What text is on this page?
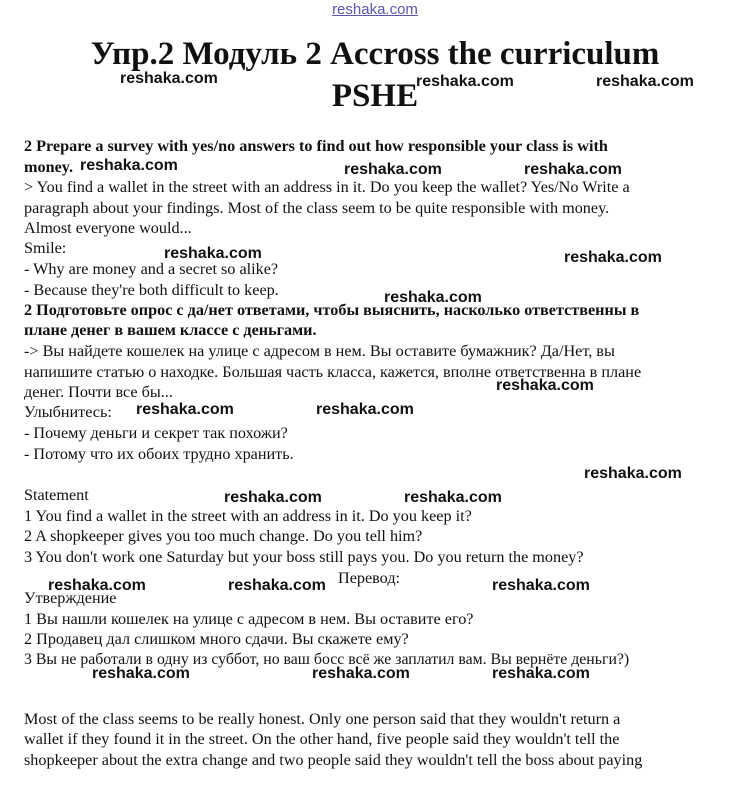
reshaka.com
Упр.2 Модуль 2 Accross the curriculum
PSHE
2 Prepare a survey with yes/no answers to find out how responsible your class is with
money.
> You find a wallet in the street with an address in it. Do you keep the wallet? Yes/No Write a
paragraph about your findings. Most of the class seem to be quite responsible with money.
Almost everyone would...
Smile:
- Why are money and a secret so alike?
- Because they're both difficult to keep.
2 Подготовьте опрос с да/нет ответами, чтобы выяснить, насколько ответственны в
плане денег в вашем классе с деньгами.
-> Вы найдете кошелек на улице с адресом в нем. Вы оставите бумажник? Да/Нет, вы
напишите статью о находке. Большая часть класса, кажется, вполне ответственна в плане
денег. Почти все бы...
Улыбнитесь:
- Почему деньги и секрет так похожи?
- Потому что их обоих трудно хранить.
Statement
1 You find a wallet in the street with an address in it. Do you keep it?
2 A shopkeeper gives you too much change. Do you tell him?
3 You don't work one Saturday but your boss still pays you. Do you return the money?
Перевод:
Утверждение
1 Вы нашли кошелек на улице с адресом в нем. Вы оставите его?
2 Продавец дал слишком много сдачи. Вы скажете ему?
3 Вы не работали в одну из суббот, но ваш босс всё же заплатил вам. Вы вернёте деньги?)
Most of the class seems to be really honest. Only one person said that they wouldn't return a
wallet if they found it in the street. On the other hand, five people said they wouldn't tell the
shopkeeper about the extra change and two people said they wouldn't tell the boss about paying
reshaka.com	reshaka.com	reshaka.com
reshaka.com	reshaka.com	reshaka.com
reshaka.com	reshaka.com
reshaka.com
reshaka.com
reshaka.com	reshaka.com
reshaka.com
reshaka.com	reshaka.com
reshaka.com	reshaka.com	reshaka.com
reshaka.com	reshaka.com	reshaka.com
